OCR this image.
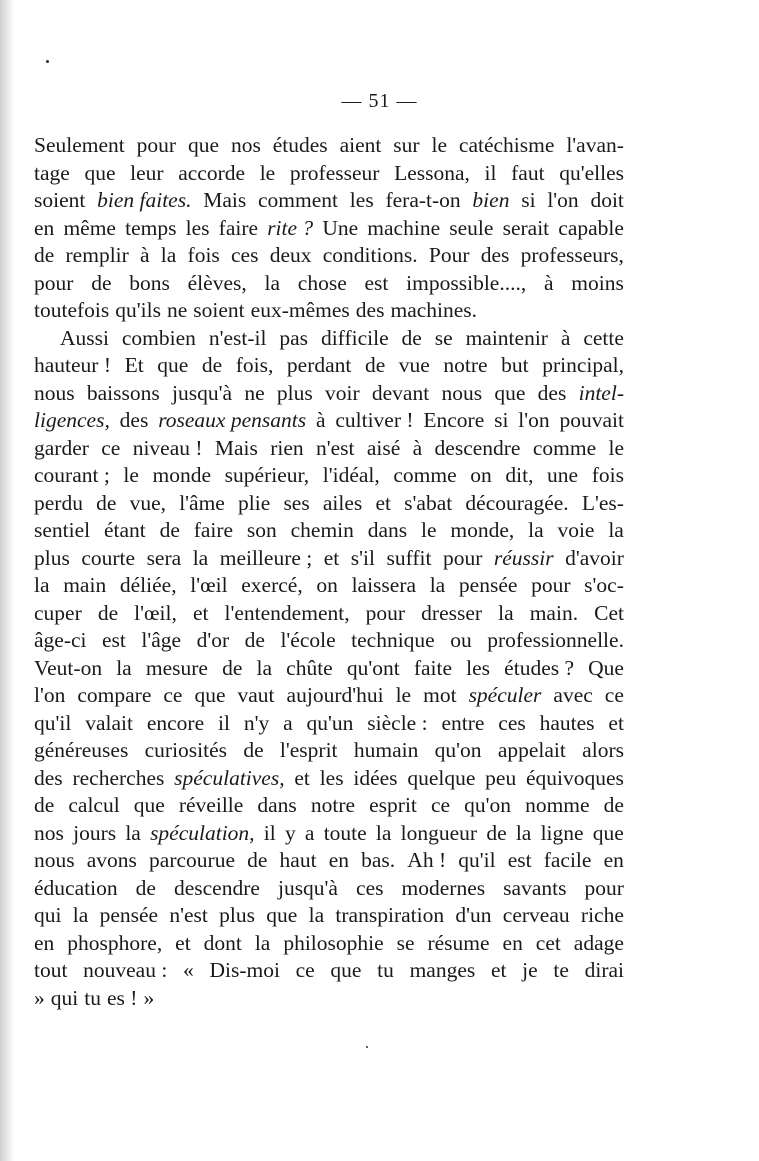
— 51 —
Seulement pour que nos études aient sur le catéchisme l'avan-
tage que leur accorde le professeur Lessona, il faut qu'elles
soient bien faites. Mais comment les fera-t-on bien si l'on doit
en même temps les faire rite ? Une machine seule serait capable
de remplir à la fois ces deux conditions. Pour des professeurs,
pour de bons élèves, la chose est impossible...., à moins
toutefois qu'ils ne soient eux-mêmes des machines.
Aussi combien n'est-il pas difficile de se maintenir à cette
hauteur ! Et que de fois, perdant de vue notre but principal,
nous baissons jusqu'à ne plus voir devant nous que des intel-
ligences, des roseaux pensants à cultiver ! Encore si l'on pouvait
garder ce niveau ! Mais rien n'est aisé à descendre comme le
courant ; le monde supérieur, l'idéal, comme on dit, une fois
perdu de vue, l'âme plie ses ailes et s'abat découragée. L'es-
sentiel étant de faire son chemin dans le monde, la voie la
plus courte sera la meilleure ; et s'il suffit pour réussir d'avoir
la main déliée, l'œil exercé, on laissera la pensée pour s'oc-
cuper de l'œil, et l'entendement, pour dresser la main. Cet
âge-ci est l'âge d'or de l'école technique ou professionnelle.
Veut-on la mesure de la chûte qu'ont faite les études ? Que
l'on compare ce que vaut aujourd'hui le mot spéculer avec ce
qu'il valait encore il n'y a qu'un siècle : entre ces hautes et
généreuses curiosités de l'esprit humain qu'on appelait alors
des recherches spéculatives, et les idées quelque peu équivoques
de calcul que réveille dans notre esprit ce qu'on nomme de
nos jours la spéculation, il y a toute la longueur de la ligne que
nous avons parcourue de haut en bas. Ah ! qu'il est facile en
éducation de descendre jusqu'à ces modernes savants pour
qui la pensée n'est plus que la transpiration d'un cerveau riche
en phosphore, et dont la philosophie se résume en cet adage
tout nouveau : « Dis-moi ce que tu manges et je te dirai
» qui tu es ! »
